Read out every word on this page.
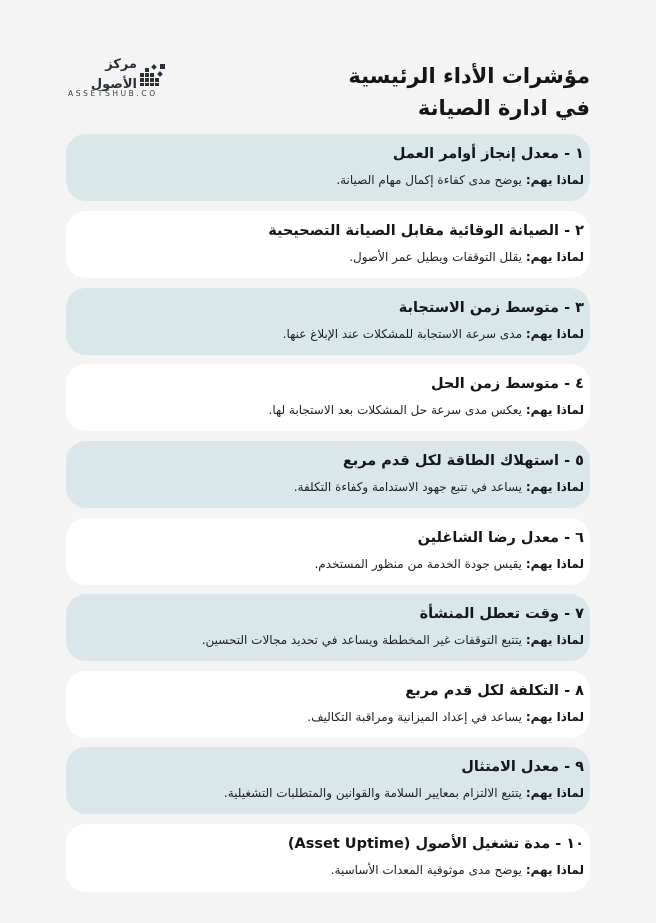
مؤشرات الأداء الرئيسية
في ادارة الصيانة
مركز الأصول
ASSETSHUB.CO
١ - معدل إنجاز أوامر العمل
لماذا يهم: يوضح مدى كفاءة إكمال مهام الصيانة.
٢ - الصيانة الوقائية مقابل الصيانة التصحيحية
لماذا يهم: يقلل التوقفات ويطيل عمر الأصول.
٣ - متوسط زمن الاستجابة
لماذا يهم: مدى سرعة الاستجابة للمشكلات عند الإبلاغ عنها.
٤ - متوسط زمن الحل
لماذا يهم: يعكس مدى سرعة حل المشكلات بعد الاستجابة لها.
٥ - استهلاك الطاقة لكل قدم مربع
لماذا يهم: يساعد في تتبع جهود الاستدامة وكفاءة التكلفة.
٦ - معدل رضا الشاغلين
لماذا يهم: يقيس جودة الخدمة من منظور المستخدم.
٧ - وقت تعطل المنشأة
لماذا يهم: يتتبع التوقفات غير المخططة ويساعد في تحديد مجالات التحسين.
٨ - التكلفة لكل قدم مربع
لماذا يهم: يساعد في إعداد الميزانية ومراقبة التكاليف.
٩ - معدل الامتثال
لماذا يهم: يتتبع الالتزام بمعايير السلامة والقوانين والمتطلبات التشغيلية.
١٠ - مدة تشغيل الأصول (Asset Uptime)
لماذا يهم: يوضح مدى موثوقية المعدات الأساسية.
